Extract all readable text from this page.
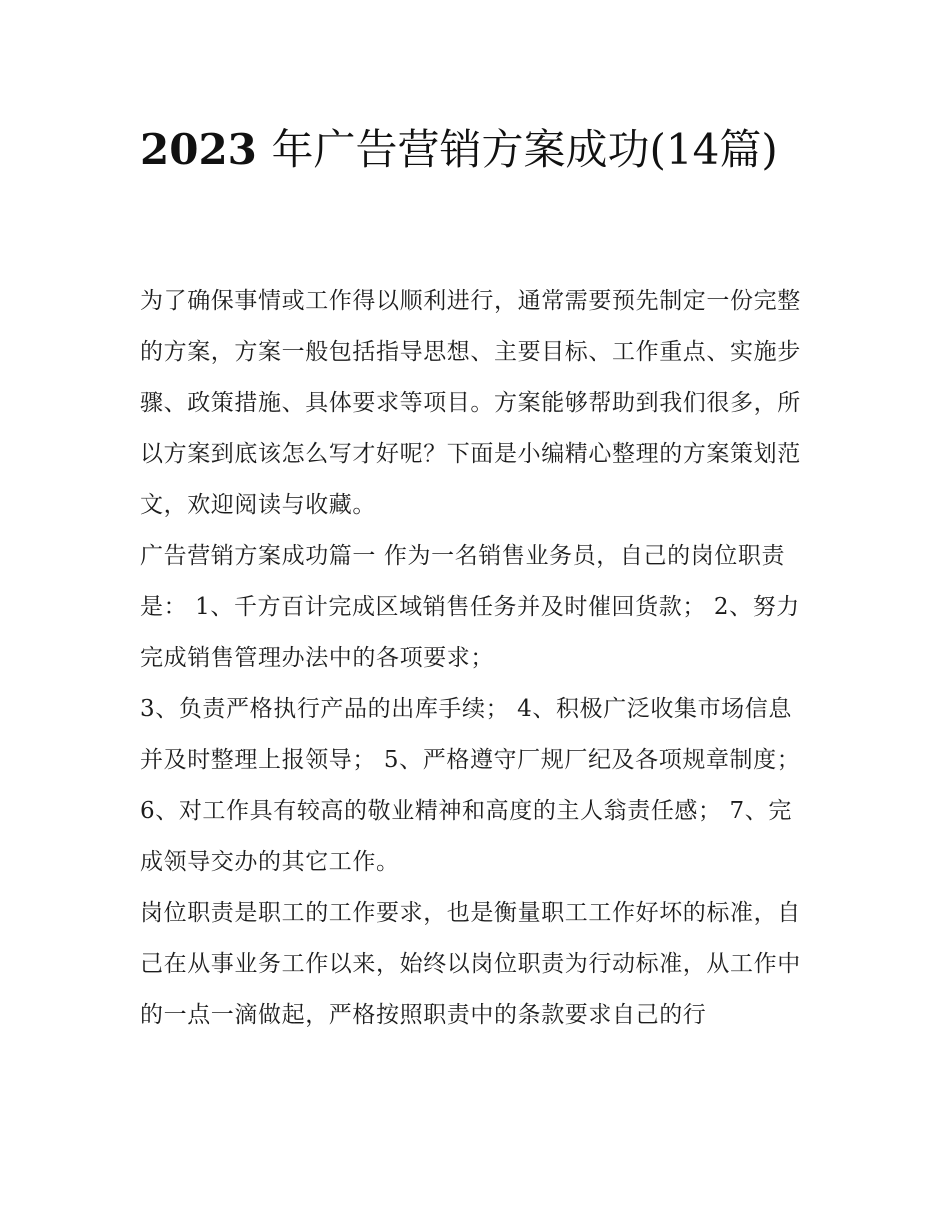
2023 年广告营销方案成功(14篇)

为了确保事情或工作得以顺利进行，通常需要预先制定一份完整的方案，方案一般包括指导思想、主要目标、工作重点、实施步骤、政策措施、具体要求等项目。方案能够帮助到我们很多，所以方案到底该怎么写才好呢？下面是小编精心整理的方案策划范文，欢迎阅读与收藏。

广告营销方案成功篇一 作为一名销售业务员，自己的岗位职责是： 1、千方百计完成区域销售任务并及时催回货款； 2、努力完成销售管理办法中的各项要求；

3、负责严格执行产品的出库手续； 4、积极广泛收集市场信息并及时整理上报领导； 5、严格遵守厂规厂纪及各项规章制度；

6、对工作具有较高的敬业精神和高度的主人翁责任感； 7、完成领导交办的其它工作。

岗位职责是职工的工作要求，也是衡量职工工作好坏的标准，自己在从事业务工作以来，始终以岗位职责为行动标准，从工作中的一点一滴做起，严格按照职责中的条款要求自己的行
